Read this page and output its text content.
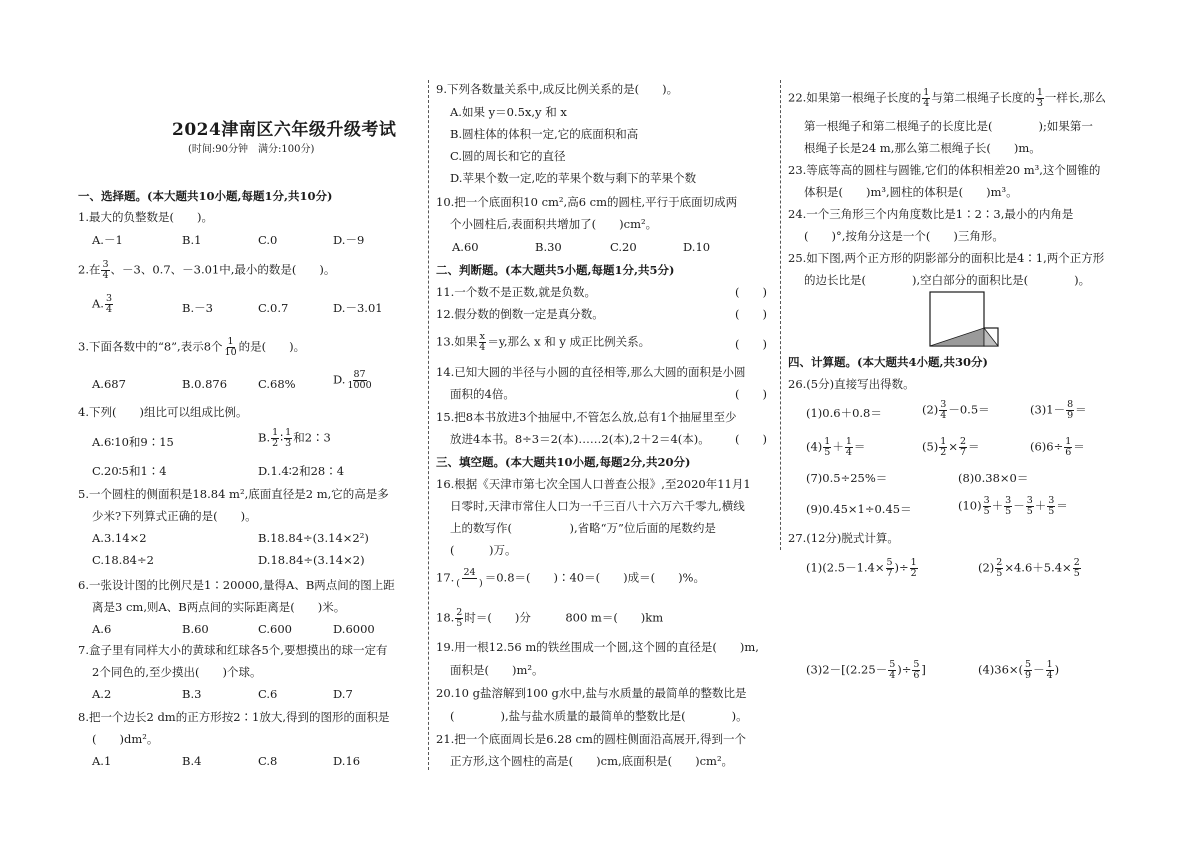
2024津南区六年级升级考试
(时间:90分钟　满分:100分)
一、选择题。(本大题共10小题,每题1分,共10分)
1.最大的负整数是(　　)。
A.－1	B.1	C.0	D.－9
2.在 $\frac{3}{4}$ 、－3、0.7、－3.01中,最小的数是(　　)。
A. $\frac{3}{4}$	B.－3	C.0.7	D.－3.01
3.下面各数中的“8”,表示8个 $\frac{1}{10}$ 的是(　　)。
A.687	B.0.876	C.68%	D. $\frac{87}{1000}$
4.下列(　　)组比可以组成比例。
A.6∶10和9∶15	B. $\frac{1}{2}$ ∶ $\frac{1}{3}$ 和2∶3
C.20∶5和1∶4	D.1.4∶2和28∶4
5.一个圆柱的侧面积是18.84 m²,底面直径是2 m,它的高是多
少米?下列算式正确的是(　　)。
A.3.14×2	B.18.84÷(3.14×2²)
C.18.84÷2	D.18.84÷(3.14×2)
6.一张设计图的比例尺是1∶20000,量得A、B两点间的图上距
离是3 cm,则A、B两点间的实际距离是(　　)米。
A.6	B.60	C.600	D.6000
7.盒子里有同样大小的黄球和红球各5个,要想摸出的球一定有
2个同色的,至少摸出(　　)个球。
A.2	B.3	C.6	D.7
8.把一个边长2 dm的正方形按2∶1放大,得到的图形的面积是
(　　)dm²。
A.1	B.4	C.8	D.16
9.下列各数量关系中,成反比例关系的是(　　)。
A.如果 y＝0.5x,y 和 x
B.圆柱体的体积一定,它的底面积和高
C.圆的周长和它的直径
D.苹果个数一定,吃的苹果个数与剩下的苹果个数
10.把一个底面积10 cm²,高6 cm的圆柱,平行于底面切成两
个小圆柱后,表面积共增加了(　　)cm²。
A.60	B.30	C.20	D.10
二、判断题。(本大题共5小题,每题1分,共5分)
11.一个数不是正数,就是负数。	(　　)
12.假分数的倒数一定是真分数。	(　　)
13.如果 $\frac{x}{4} =y$,那么 x 和 y 成正比例关系。	(　　)
14.已知大圆的半径与小圆的直径相等,那么大圆的面积是小圆
面积的4倍。	(　　)
15.把8本书放进3个抽屉中,不管怎么放,总有1个抽屉里至少
放进4本书。8÷3＝2(本)……2(本),2＋2＝4(本)。 (　　)
三、填空题。(本大题共10小题,每题2分,共20分)
16.根据《天津市第七次全国人口普查公报》,至2020年11月1
日零时,天津市常住人口为一千三百八十六万六千零九,横线
上的数写作(　　　　　),省略“万”位后面的尾数约是
(　　　)万。
17. 24
(　　) ＝0.8＝(　　)∶40＝(　　)成＝(　　)%。
18. $\frac{2}{5}$ 时＝(　　)分　　　800 m＝(　　)km
19.用一根12.56 m的铁丝围成一个圆,这个圆的直径是(　　)m,
面积是(　　)m²。
20.10 g盐溶解到100 g水中,盐与水质量的最简单的整数比是
(　　　　),盐与盐水质量的最简单的整数比是(　　　　)。
21.把一个底面周长是6.28 cm的圆柱侧面沿高展开,得到一个
正方形,这个圆柱的高是(　　)cm,底面积是(　　)cm²。
22.如果第一根绳子长度的 $\frac{1}{4}$ 与第二根绳子长度的 $\frac{1}{3}$ 一样长,那么
第一根绳子和第二根绳子的长度比是(　　　　);如果第一
根绳子长是24 m,那么第二根绳子长(　　)m。
23.等底等高的圆柱与圆锥,它们的体积相差20 m³,这个圆锥的
体积是(　　)m³,圆柱的体积是(　　)m³。
24.一个三角形三个内角度数比是1∶2∶3,最小的内角是
(　　)°,按角分这是一个(　　)三角形。
25.如下图,两个正方形的阴影部分的面积比是4∶1,两个正方形
的边长比是(　　　　),空白部分的面积比是(　　　　)。
四、计算题。(本大题共4小题,共30分)
26.(5分)直接写出得数。
(1)0.6＋0.8＝	$(2) \frac{3}{4} -0.5=$	$(3)1- \frac{8}{9}$ ＝
$(4) \frac{1}{5} + \frac{1}{4}$ ＝	$(5) \frac{1}{2} \times \frac{2}{7}$ ＝	$(6)6\div \frac{1}{6}$ ＝
(7)0.5÷25%＝	(8)0.38×0＝
(9)0.45×1÷0.45＝	$(10) \frac{3}{5} + \frac{3}{5} - \frac{3}{5} + \frac{3}{5}$ ＝
27.(12分)脱式计算。
$(1)(2.5-1.4\times \frac{5}{7}$ )÷ $\frac{1}{2}$	$(2) \frac{2}{5} \times 4.6+5.4\times \frac{2}{5}$
$(3)2-[(2.25- \frac{5}{4}$ )÷ $\frac{5}{6}$ ]	$(4)36\times( \frac{5}{9} - \frac{1}{4}$ )
